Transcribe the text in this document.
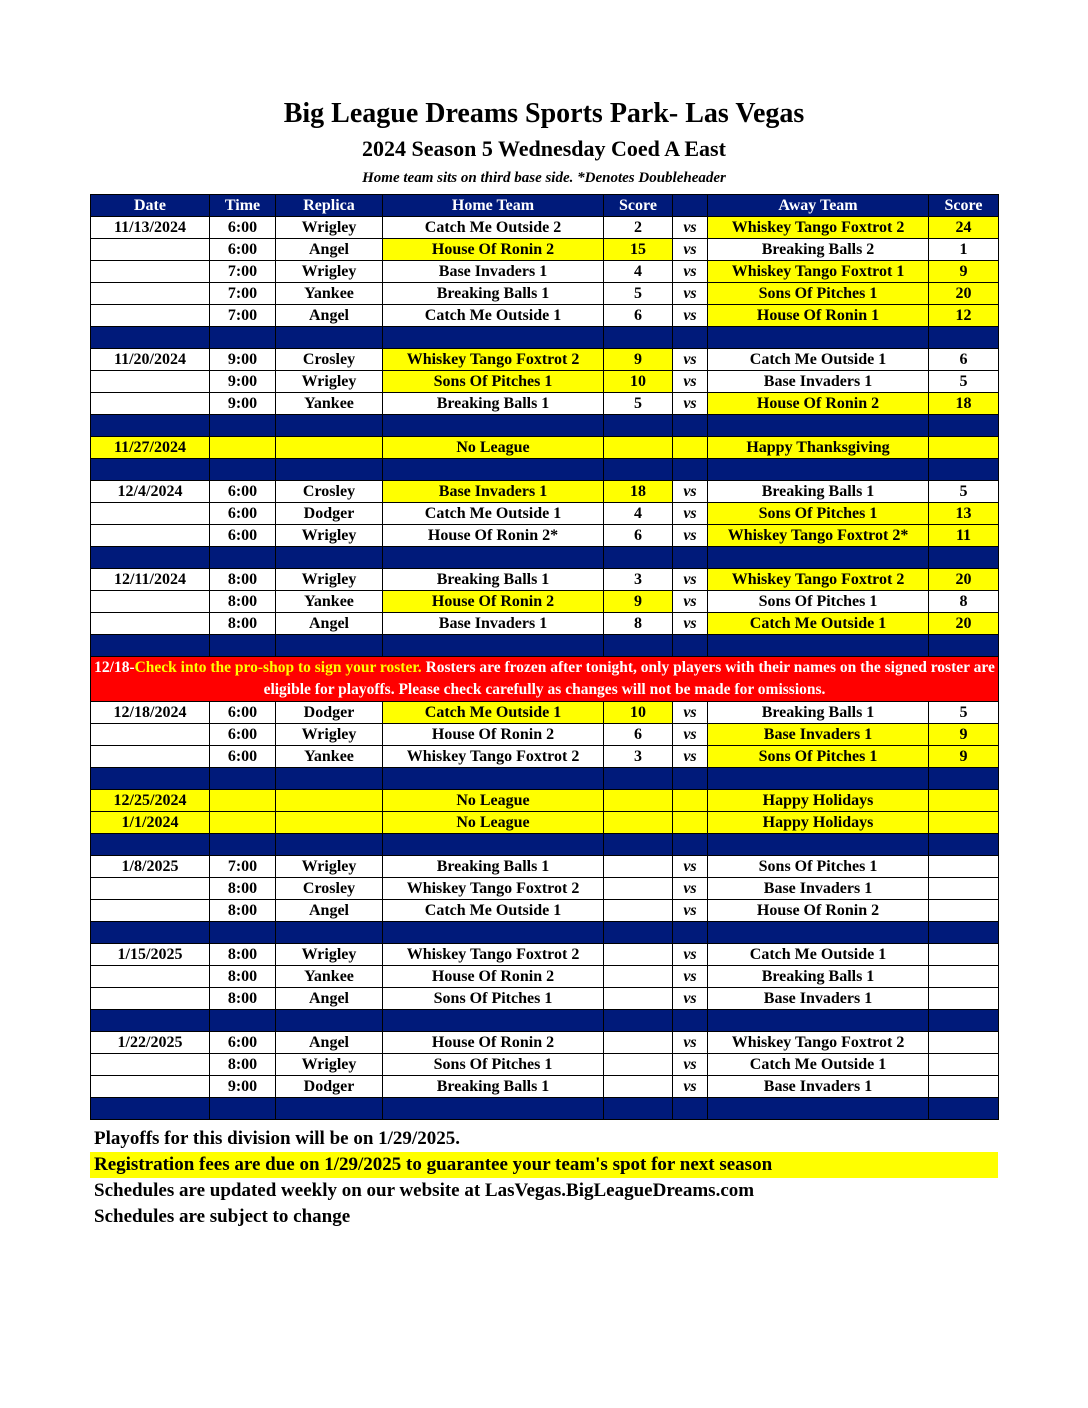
Big League Dreams Sports Park- Las Vegas
2024 Season 5 Wednesday Coed A East
Home team sits on third base side. *Denotes Doubleheader
Date	Time	Replica	Home Team	Score		Away Team	Score
11/13/2024	6:00	Wrigley	Catch Me Outside 2	2	vs	Whiskey Tango Foxtrot 2	24
	6:00	Angel	House Of Ronin 2	15	vs	Breaking Balls 2	1
	7:00	Wrigley	Base Invaders 1	4	vs	Whiskey Tango Foxtrot 1	9
	7:00	Yankee	Breaking Balls 1	5	vs	Sons Of Pitches 1	20
	7:00	Angel	Catch Me Outside 1	6	vs	House Of Ronin 1	12

11/20/2024	9:00	Crosley	Whiskey Tango Foxtrot 2	9	vs	Catch Me Outside 1	6
	9:00	Wrigley	Sons Of Pitches 1	10	vs	Base Invaders 1	5
	9:00	Yankee	Breaking Balls 1	5	vs	House Of Ronin 2	18

11/27/2024			No League			Happy Thanksgiving	

12/4/2024	6:00	Crosley	Base Invaders 1	18	vs	Breaking Balls 1	5
	6:00	Dodger	Catch Me Outside 1	4	vs	Sons Of Pitches 1	13
	6:00	Wrigley	House Of Ronin 2*	6	vs	Whiskey Tango Foxtrot 2*	11

12/11/2024	8:00	Wrigley	Breaking Balls 1	3	vs	Whiskey Tango Foxtrot 2	20
	8:00	Yankee	House Of Ronin 2	9	vs	Sons Of Pitches 1	8
	8:00	Angel	Base Invaders 1	8	vs	Catch Me Outside 1	20

12/18-Check into the pro-shop to sign your roster. Rosters are frozen after tonight, only players with their names on the signed roster are eligible for playoffs. Please check carefully as changes will not be made for omissions.							
12/18/2024	6:00	Dodger	Catch Me Outside 1	10	vs	Breaking Balls 1	5
	6:00	Wrigley	House Of Ronin 2	6	vs	Base Invaders 1	9
	6:00	Yankee	Whiskey Tango Foxtrot 2	3	vs	Sons Of Pitches 1	9

12/25/2024			No League			Happy Holidays	
1/1/2024			No League			Happy Holidays	

1/8/2025	7:00	Wrigley	Breaking Balls 1		vs	Sons Of Pitches 1	
	8:00	Crosley	Whiskey Tango Foxtrot 2		vs	Base Invaders 1	
	8:00	Angel	Catch Me Outside 1		vs	House Of Ronin 2	

1/15/2025	8:00	Wrigley	Whiskey Tango Foxtrot 2		vs	Catch Me Outside 1	
	8:00	Yankee	House Of Ronin 2		vs	Breaking Balls 1	
	8:00	Angel	Sons Of Pitches 1		vs	Base Invaders 1	

1/22/2025	6:00	Angel	House Of Ronin 2		vs	Whiskey Tango Foxtrot 2	
	8:00	Wrigley	Sons Of Pitches 1		vs	Catch Me Outside 1	
	9:00	Dodger	Breaking Balls 1		vs	Base Invaders 1	

Playoffs for this division will be on 1/29/2025.
Registration fees are due on 1/29/2025 to guarantee your team's spot for next season
Schedules are updated weekly on our website at LasVegas.BigLeagueDreams.com
Schedules are subject to change
